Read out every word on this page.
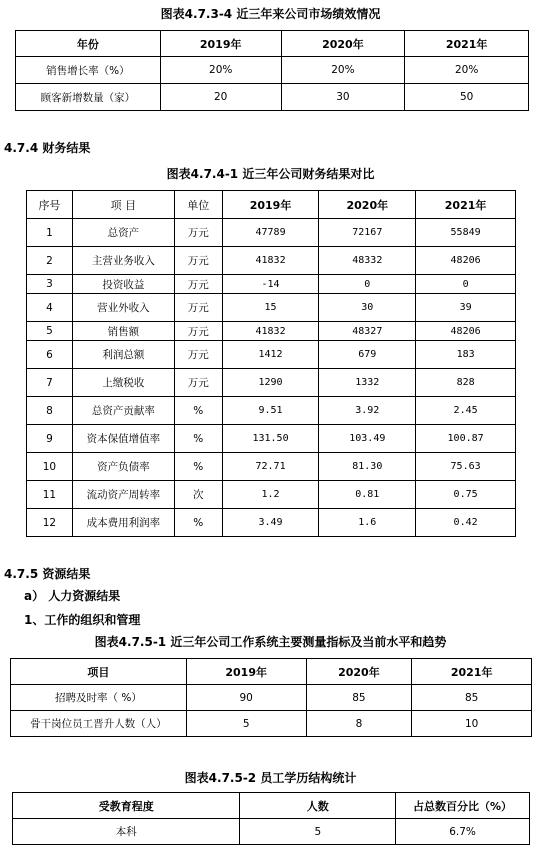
图表4.7.3-4 近三年来公司市场绩效情况
年份	2019年	2020年	2021年
销售增长率（%）	20%	20%	20%
顾客新增数量（家）	20	30	50
4.7.4 财务结果
图表4.7.4-1 近三年公司财务结果对比
序号	项 目	单位	2019年	2020年	2021年
1	总资产	万元	47789	72167	55849
2	主营业务收入	万元	41832	48332	48206
3	投资收益	万元	-14	0	0
4	营业外收入	万元	15	30	39
5	销售额	万元	41832	48327	48206
6	利润总额	万元	1412	679	183
7	上缴税收	万元	1290	1332	828
8	总资产贡献率	%	9.51	3.92	2.45
9	资本保值增值率	%	131.50	103.49	100.87
10	资产负债率	%	72.71	81.30	75.63
11	流动资产周转率	次	1.2	0.81	0.75
12	成本费用利润率	%	3.49	1.6	0.42
4.7.5 资源结果
a） 人力资源结果
1、工作的组织和管理
图表4.7.5-1 近三年公司工作系统主要测量指标及当前水平和趋势
项目	2019年	2020年	2021年
招聘及时率（ %）	90	85	85
骨干岗位员工晋升人数（人）	5	8	10
图表4.7.5-2 员工学历结构统计
受教育程度	人数	占总数百分比（%）
本科	5	6.7%
